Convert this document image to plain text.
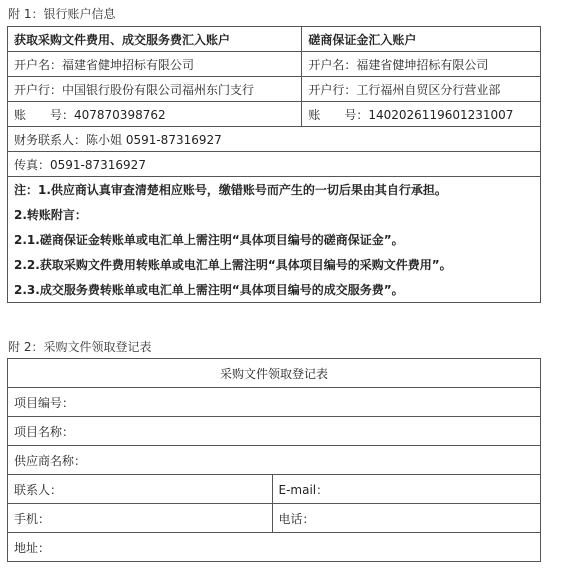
附 1：银行账户信息
获取采购文件费用、成交服务费汇入账户	磋商保证金汇入账户
开户名：福建省健坤招标有限公司	开户名：福建省健坤招标有限公司
开户行：中国银行股份有限公司福州东门支行	开户行：工行福州自贸区分行营业部
账　　号：407870398762	账　　号：1402026119601231007
财务联系人：陈小姐 0591-87316927	
传真：0591-87316927	
注：1.供应商认真审查清楚相应账号，缴错账号而产生的一切后果由其自行承担。	
2.转账附言：	
2.1.磋商保证金转账单或电汇单上需注明“具体项目编号的磋商保证金”。	
2.2.获取采购文件费用转账单或电汇单上需注明“具体项目编号的采购文件费用”。	
2.3.成交服务费转账单或电汇单上需注明“具体项目编号的成交服务费”。	
附 2：采购文件领取登记表
采购文件领取登记表	
项目编号：	
项目名称：	
供应商名称：	
联系人：	E-mail：
手机：	电话：
地址：	
